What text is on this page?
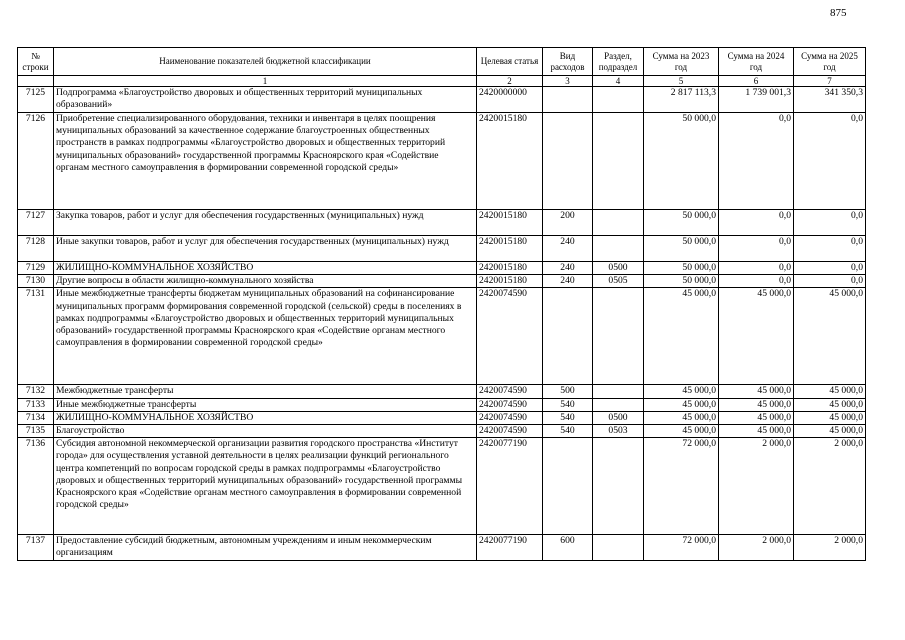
875
№ строки	Наименование показателей бюджетной классификации	Целевая статья	Вид расходов	Раздел, подраздел	Сумма на 2023 год	Сумма на 2024 год	Сумма на 2025 год
	1	2	3	4	5	6	7
7125	Подпрограмма «Благоустройство дворовых и общественных территорий муниципальных образований»	2420000000			2 817 113,3	1 739 001,3	341 350,3
7126	Приобретение специализированного оборудования, техники и инвентаря в целях поощрения муниципальных образований за качественное содержание благоустроенных общественных пространств в рамках подпрограммы «Благоустройство дворовых и общественных территорий муниципальных образований» государственной программы Красноярского края «Содействие органам местного самоуправления в формировании современной городской среды»	2420015180			50 000,0	0,0	0,0
7127	Закупка товаров, работ и услуг для обеспечения государственных (муниципальных) нужд	2420015180	200		50 000,0	0,0	0,0
7128	Иные закупки товаров, работ и услуг для обеспечения государственных (муниципальных) нужд	2420015180	240		50 000,0	0,0	0,0
7129	ЖИЛИЩНО-КОММУНАЛЬНОЕ ХОЗЯЙСТВО	2420015180	240	0500	50 000,0	0,0	0,0
7130	Другие вопросы в области жилищно-коммунального хозяйства	2420015180	240	0505	50 000,0	0,0	0,0
7131	Иные межбюджетные трансферты бюджетам муниципальных образований на софинансирование муниципальных программ формирования современной городской (сельской) среды в поселениях в рамках подпрограммы «Благоустройство дворовых и общественных территорий муниципальных образований» государственной программы Красноярского края «Содействие органам местного самоуправления в формировании современной городской среды»	2420074590			45 000,0	45 000,0	45 000,0
7132	Межбюджетные трансферты	2420074590	500		45 000,0	45 000,0	45 000,0
7133	Иные межбюджетные трансферты	2420074590	540		45 000,0	45 000,0	45 000,0
7134	ЖИЛИЩНО-КОММУНАЛЬНОЕ ХОЗЯЙСТВО	2420074590	540	0500	45 000,0	45 000,0	45 000,0
7135	Благоустройство	2420074590	540	0503	45 000,0	45 000,0	45 000,0
7136	Субсидия автономной некоммерческой организации развития городского пространства «Институт города» для осуществления уставной деятельности в целях реализации функций регионального центра компетенций по вопросам городской среды в рамках подпрограммы «Благоустройство дворовых и общественных территорий муниципальных образований» государственной программы Красноярского края «Содействие органам местного самоуправления в формировании современной городской среды»	2420077190			72 000,0	2 000,0	2 000,0
7137	Предоставление субсидий бюджетным, автономным учреждениям и иным некоммерческим организациям	2420077190	600		72 000,0	2 000,0	2 000,0
